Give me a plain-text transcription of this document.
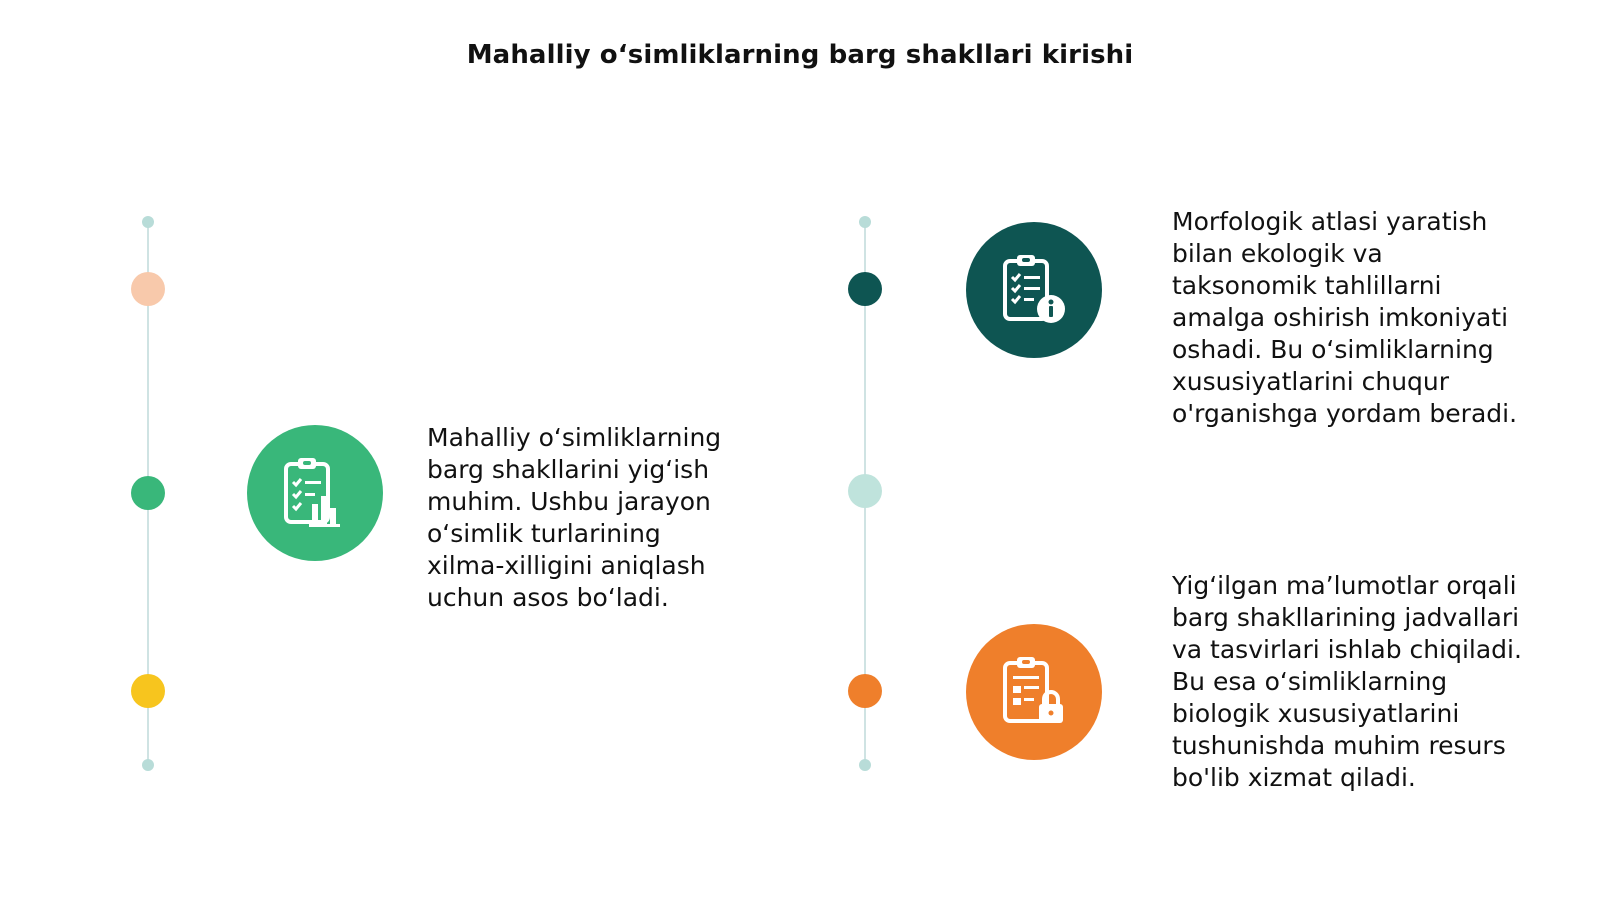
Mahalliy o‘simliklarning barg shakllari kirishi
Mahalliy o‘simliklarning
barg shakllarini yig‘ish
muhim. Ushbu jarayon
o‘simlik turlarining
xilma-xilligini aniqlash
uchun asos bo‘ladi.
Morfologik atlasi yaratish
bilan ekologik va
taksonomik tahlillarni
amalga oshirish imkoniyati
oshadi. Bu o‘simliklarning
xususiyatlarini chuqur
o'rganishga yordam beradi.
Yig‘ilgan ma’lumotlar orqali
barg shakllarining jadvallari
va tasvirlari ishlab chiqiladi.
Bu esa o‘simliklarning
biologik xususiyatlarini
tushunishda muhim resurs
bo'lib xizmat qiladi.
